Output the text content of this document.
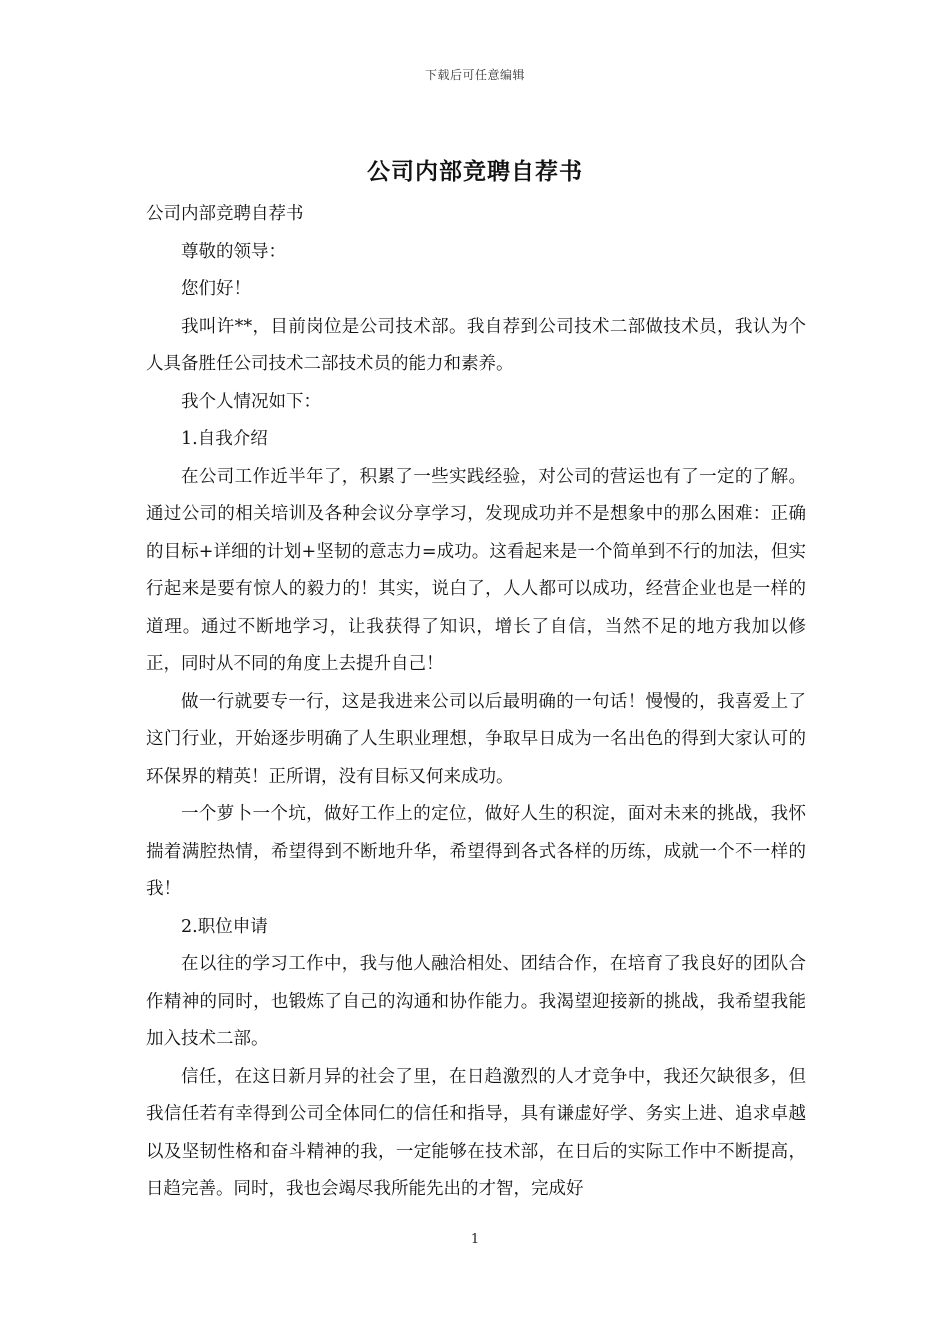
下载后可任意编辑
公司内部竞聘自荐书

公司内部竞聘自荐书

尊敬的领导：

您们好！

我叫许**，目前岗位是公司技术部。我自荐到公司技术二部做技术员，我认为个人具备胜任公司技术二部技术员的能力和素养。

我个人情况如下：

1.自我介绍

在公司工作近半年了，积累了一些实践经验，对公司的营运也有了一定的了解。通过公司的相关培训及各种会议分享学习，发现成功并不是想象中的那么困难：正确的目标+详细的计划+坚韧的意志力=成功。这看起来是一个简单到不行的加法，但实行起来是要有惊人的毅力的！其实，说白了，人人都可以成功，经营企业也是一样的道理。通过不断地学习，让我获得了知识，增长了自信，当然不足的地方我加以修正，同时从不同的角度上去提升自己！

做一行就要专一行，这是我进来公司以后最明确的一句话！慢慢的，我喜爱上了这门行业，开始逐步明确了人生职业理想，争取早日成为一名出色的得到大家认可的环保界的精英！正所谓，没有目标又何来成功。

一个萝卜一个坑，做好工作上的定位，做好人生的积淀，面对未来的挑战，我怀揣着满腔热情，希望得到不断地升华，希望得到各式各样的历练，成就一个不一样的我！

2.职位申请

在以往的学习工作中，我与他人融洽相处、团结合作，在培育了我良好的团队合作精神的同时，也锻炼了自己的沟通和协作能力。我渴望迎接新的挑战，我希望我能加入技术二部。

信任，在这日新月异的社会了里，在日趋激烈的人才竞争中，我还欠缺很多，但我信任若有幸得到公司全体同仁的信任和指导，具有谦虚好学、务实上进、追求卓越以及坚韧性格和奋斗精神的我，一定能够在技术部，在日后的实际工作中不断提高，日趋完善。同时，我也会竭尽我所能先出的才智，完成好

1
